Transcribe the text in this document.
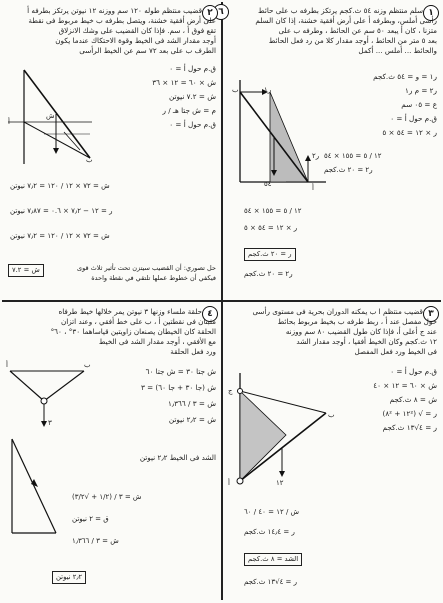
٦	١
سلم منتظم وزنه ٥٤ ث.كجم يرتكز بطرفه ب على حائط
رأسى أملس، وبطرفه أ على أرض أفقية خشنة، إذا كان السلم
متزنا ، كان أ يبعد ٥٠ سم عن الحائط ، وطرفه ب على
بعد ٥ متر من الحائط ، أوجد مقدار كلا من رد فعل الحائط
والحائط ... أملس ... أكمل
ب
أ
٥٤
ر١
ر٢
ر١ = و = ٥٤ ث.كجم
ر٢ = م ر١
ع = ٠٥ سم
ق.م حول أ = ٠
ر × ١٢ = ٥٤ × ٥
١٢ / ٥ = ١٥٥ × ٥٤
ر٢ = ٢٠ ث.كجم
١٢ / ٥ = ١٥٥ × ٥٤
ر × ١٢ = ٥٤ × ٥
ر = ٢٠ ث.كجم
ر٢ = ٢٠ ث.كجم
٢
قضيب منتظم طوله ١٢٠ سم ووزنه ١٢ نيوتن يرتكز بطرفه أ
على أرض أفقية خشنة، ويتصل بطرفه ب خيط مربوط فى نقطة
تقع فوق أ ، سم. فإذا كان القضيب على وشك الانزلاق
أوجد مقدار الشد فى الخيط وقوة الاحتكاك عندما يكون
الطرف ب على بعد ٧٢ سم عن الخيط الرأسى
أ
ب
ش
ق.م حول أ = ٠
ش × ٦٠ = ١٢ × ٣٦
ش = ٧.٢ نيوتن
م = ش جتا هـ / ر
ق.م حول أ = ٠
ش = ٧٢ × ١٢ / ١٢٠ = ٧٫٢ نيوتن
ر = ١٢ − ٧٫٢ × ٠.٦ = ٧٫٨٧ نيوتن
ش = ٧٢ × ١٢ / ١٢٠ = ٧٫٢ نيوتن
حل تصوري: أن القضيب سيتزن تحت تأثير ثلاث قوى
فيكفي أن خطوط عملها تلتقي في نقطة واحدة
ش = ٧.٢
٣
قضيب منتظم ا ب يمكنه الدوران بحرية فى مستوى رأسى
حول مفصل عند أ ، ربط طرفه ب بخيط مربوط بحائط
عند ج أعلى أ، فإذا كان طول القضيب ٨٠ سم ووزنه
١٢ ث.كجم وكان الخيط أفقيا ، أوجد مقدار الشد
فى الخيط ورد فعل المفصل
ج
أ
ب
١٢
ق.م حول أ = ٠
ش × ٦٠ = ١٢ × ٤٠
ش = ٨ ث.كجم
ر = √ (١٢² + ٨²)
ر = ٤√١٣ ث.كجم
ش / ١٢ = ٤٠ / ٦٠
ر = ١٤٫٤ ث.كجم
الشد = ٨ ث.كجم
ر = ٤√١٣ ث.كجم
٤
حلقة ملساء وزنها ٣ نيوتن يمر خلالها خيط طرفاه
مثبتان فى نقطتين أ ، ب على خط أفقي ، وعند اتزان
الحلقة كان الخيطان يصنعان زاويتين قياساهما ٣٠° ، ٦٠°
مع الأفقي ، أوجد مقدار الشد فى الخيط
ورد فعل الحلقة
أ	ب
٣
ش جتا ٣٠ = ش جتا ٦٠
ش (جا ٣٠ + جا ٦٠) = ٣
ش = ٣ / ١٫٣٦٦
ش = ٢٫٢ نيوتن
الشد فى الخيط ٢٫٢ نيوتن
ش = ٣ / (١/٢ + √٣/٢)
ق = ٢ نيوتن
ش = ٣ / ١٫٣٦٦
٢٫٢ نيوتن
